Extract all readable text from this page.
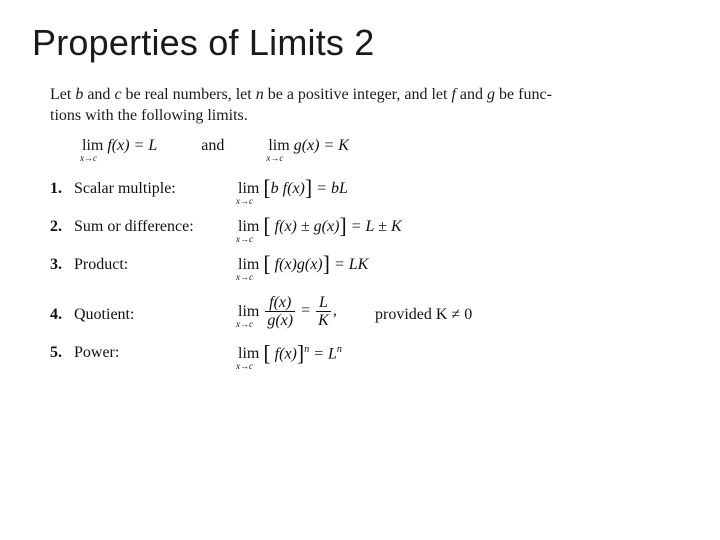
Properties of Limits 2
Let b and c be real numbers, let n be a positive integer, and let f and g be func-
tions with the following limits.
lim
x→c
f(x) = L	and	lim
x→c
g(x) = K
1. Scalar multiple:	lim
x→c
[b f(x)] = bL
2. Sum or difference:	lim
x→c
[ f(x) ± g(x)] = L ± K
3. Product:	lim
x→c
[ f(x)g(x)] = LK
4. Quotient:	lim
x→c
$\frac{f(x)}{g(x)} = \frac{L}{K}$ , provided K ≠ 0
5. Power:	lim
x→c
[ f(x)]$^n$ = L$^n$
